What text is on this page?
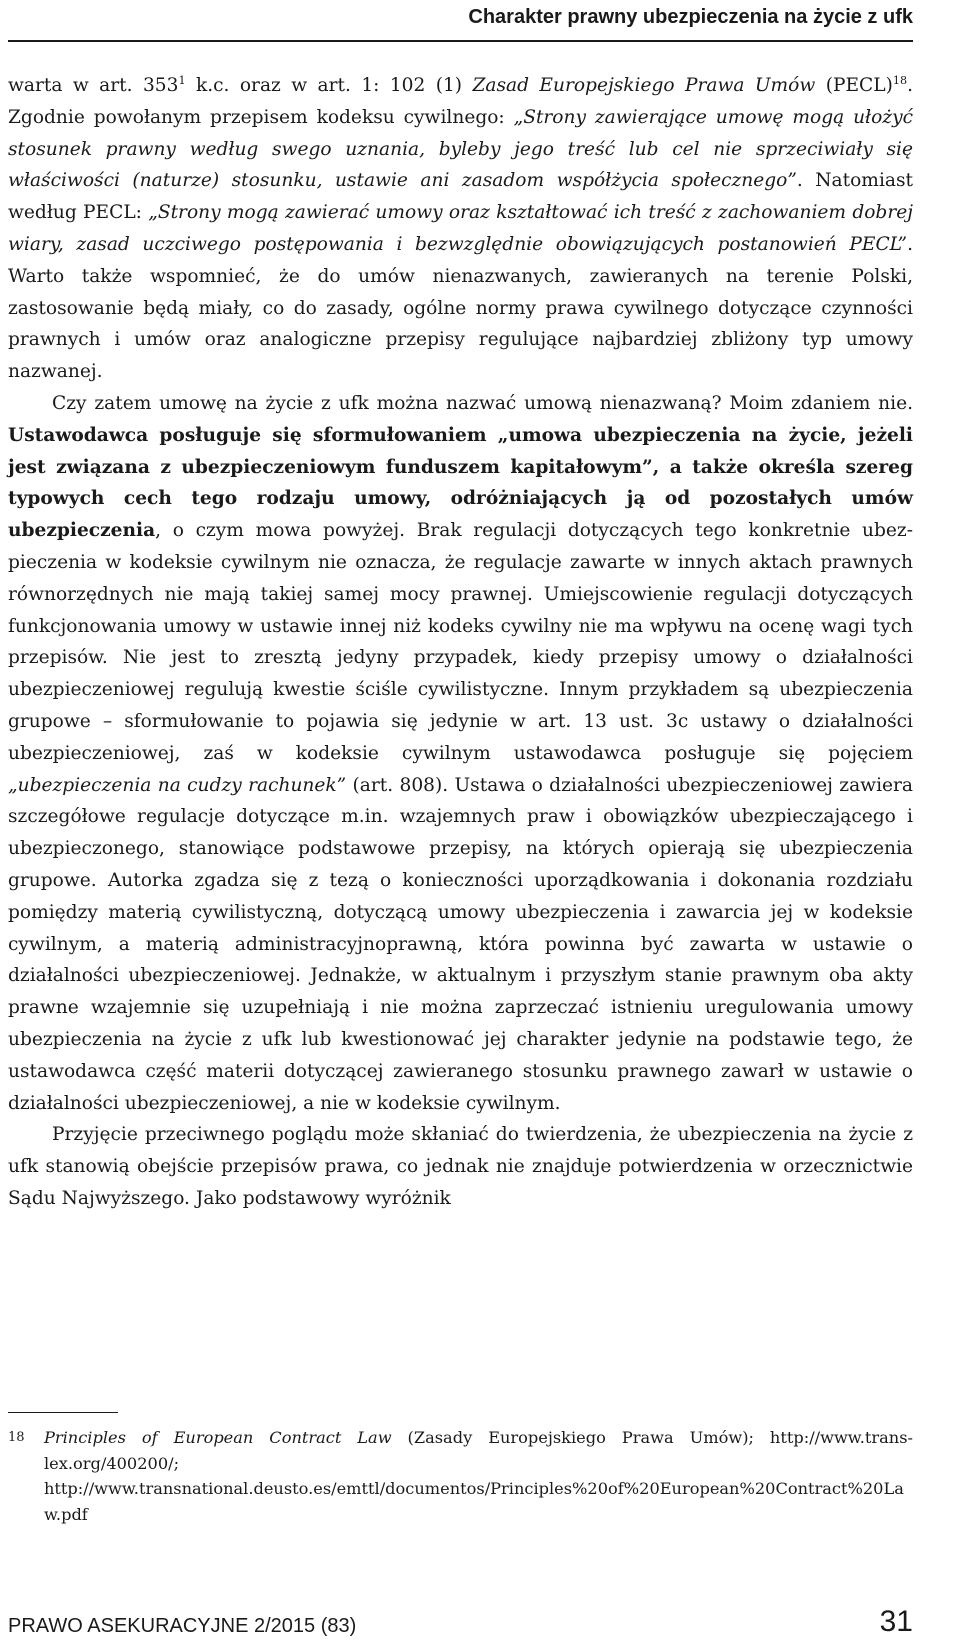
Charakter prawny ubezpieczenia na życie z ufk

warta w art. $353^1$ k.c. oraz w art. 1: 102 (1) Zasad Europejskiego Prawa Umów (PECL)$^{18}$. Zgodnie powołanym przepisem kodeksu cywilnego: „Strony zawierające umowę mogą ułożyć stosunek prawny według swego uznania, byleby jego treść lub cel nie sprzeciwiały się właściwości (naturze) stosunku, ustawie ani zasadom współżycia społecznego”. Natomiast według PECL: „Strony mogą zawierać umowy oraz kształtować ich treść z zachowaniem dobrej wiary, zasad uczciwego postępowania i bezwzględnie obowiązujących postanowień PECL”. Warto także wspomnieć, że do umów nienazwanych, zawieranych na terenie Polski, zastosowanie będą miały, co do zasady, ogólne normy prawa cywilnego dotyczące czynności prawnych i umów oraz analogiczne przepisy regulujące najbardziej zbliżony typ umowy nazwanej.

Czy zatem umowę na życie z ufk można nazwać umową nienazwaną? Moim zdaniem nie. Ustawodawca posługuje się sformułowaniem „umowa ubezpieczenia na życie, jeżeli jest związana z ubezpieczeniowym funduszem kapitałowym”, a także określa szereg typowych cech tego rodzaju umowy, odróżniających ją od pozostałych umów ubezpieczenia, o czym mowa powyżej. Brak regulacji dotyczących tego konkretnie ubezpieczenia w kodeksie cywilnym nie oznacza, że regulacje zawarte w innych aktach prawnych równorzędnych nie mają takiej samej mocy prawnej. Umiejscowienie regulacji dotyczących funkcjonowania umowy w ustawie innej niż kodeks cywilny nie ma wpływu na ocenę wagi tych przepisów. Nie jest to zresztą jedyny przypadek, kiedy przepisy umowy o działalności ubezpieczeniowej regulują kwestie ściśle cywilistyczne. Innym przykładem są ubezpieczenia grupowe – sformułowanie to pojawia się jedynie w art. 13 ust. 3c ustawy o działalności ubezpieczeniowej, zaś w kodeksie cywilnym ustawodawca posługuje się pojęciem „ubezpieczenia na cudzy rachunek” (art. 808). Ustawa o działalności ubezpieczeniowej zawiera szczegółowe regulacje dotyczące m.in. wzajemnych praw i obowiązków ubezpieczającego i ubezpieczonego, stanowiące podstawowe przepisy, na których opierają się ubezpieczenia grupowe. Autorka zgadza się z tezą o konieczności uporządkowania i dokonania rozdziału pomiędzy materią cywilistyczną, dotyczącą umowy ubezpieczenia i zawarcia jej w kodeksie cywilnym, a materią administracyjnoprawną, która powinna być zawarta w ustawie o działalności ubezpieczeniowej. Jednakże, w aktualnym i przyszłym stanie prawnym oba akty prawne wzajemnie się uzupełniają i nie można zaprzeczać istnieniu uregulowania umowy ubezpieczenia na życie z ufk lub kwestionować jej charakter jedynie na podstawie tego, że ustawodawca część materii dotyczącej zawieranego stosunku prawnego zawarł w ustawie o działalności ubezpieczeniowej, a nie w kodeksie cywilnym.

Przyjęcie przeciwnego poglądu może skłaniać do twierdzenia, że ubezpieczenia na życie z ufk stanowią obejście przepisów prawa, co jednak nie znajduje potwierdzenia w orzecznictwie Sądu Najwyższego. Jako podstawowy wyróżnik

18	Principles of European Contract Law (Zasady Europejskiego Prawa Umów); http://www.trans-lex.org/400200/; http://www.transnational.deusto.es/emttl/documentos/Principles%20of%20European%20Contract%20Law.pdf
PRAWO ASEKURACYJNE 2/2015 (83)	31
